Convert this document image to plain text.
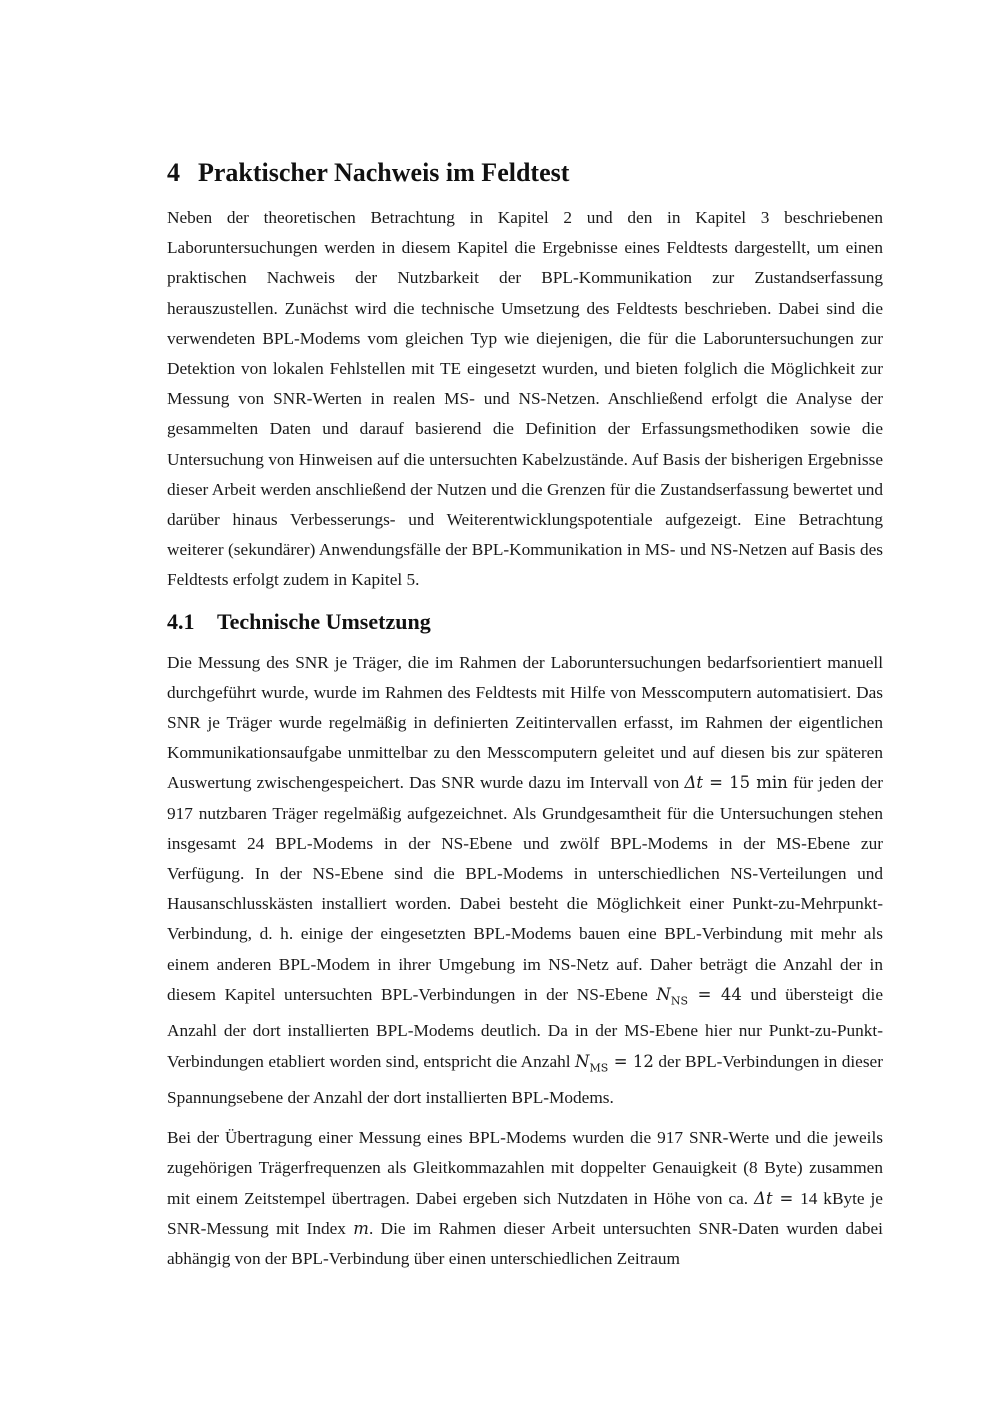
4 Praktischer Nachweis im Feldtest

Neben der theoretischen Betrachtung in Kapitel 2 und den in Kapitel 3 beschriebenen Laboruntersuchungen werden in diesem Kapitel die Ergebnisse eines Feldtests dargestellt, um einen praktischen Nachweis der Nutzbarkeit der BPL-Kommunikation zur Zustandserfassung herauszustellen. Zunächst wird die technische Umsetzung des Feldtests beschrieben. Dabei sind die verwendeten BPL-Modems vom gleichen Typ wie diejenigen, die für die Laboruntersuchungen zur Detektion von lokalen Fehlstellen mit TE eingesetzt wurden, und bieten folglich die Möglichkeit zur Messung von SNR-Werten in realen MS- und NS-Netzen. Anschließend erfolgt die Analyse der gesammelten Daten und darauf basierend die Definition der Erfassungsmethodiken sowie die Untersuchung von Hinweisen auf die untersuchten Kabelzustände. Auf Basis der bisherigen Ergebnisse dieser Arbeit werden anschließend der Nutzen und die Grenzen für die Zustandserfassung bewertet und darüber hinaus Verbesserungs- und Weiterentwicklungspotentiale aufgezeigt. Eine Betrachtung weiterer (sekundärer) Anwendungsfälle der BPL-Kommunikation in MS- und NS-Netzen auf Basis des Feldtests erfolgt zudem in Kapitel 5.

4.1 Technische Umsetzung

Die Messung des SNR je Träger, die im Rahmen der Laboruntersuchungen bedarfsorientiert manuell durchgeführt wurde, wurde im Rahmen des Feldtests mit Hilfe von Messcomputern automatisiert. Das SNR je Träger wurde regelmäßig in definierten Zeitintervallen erfasst, im Rahmen der eigentlichen Kommunikationsaufgabe unmittelbar zu den Messcomputern geleitet und auf diesen bis zur späteren Auswertung zwischengespeichert. Das SNR wurde dazu im Intervall von Δt = 15 min für jeden der 917 nutzbaren Träger regelmäßig aufgezeichnet. Als Grundgesamtheit für die Untersuchungen stehen insgesamt 24 BPL-Modems in der NS-Ebene und zwölf BPL-Modems in der MS-Ebene zur Verfügung. In der NS-Ebene sind die BPL-Modems in unterschiedlichen NS-Verteilungen und Hausanschlusskästen installiert worden. Dabei besteht die Möglichkeit einer Punkt-zu-Mehrpunkt-Verbindung, d. h. einige der eingesetzten BPL-Modems bauen eine BPL-Verbindung mit mehr als einem anderen BPL-Modem in ihrer Umgebung im NS-Netz auf. Daher beträgt die Anzahl der in diesem Kapitel untersuchten BPL-Verbindungen in der NS-Ebene $N_{NS} = 44$ und übersteigt die Anzahl der dort installierten BPL-Modems deutlich. Da in der MS-Ebene hier nur Punkt-zu-Punkt-Verbindungen etabliert worden sind, entspricht die Anzahl $N_{MS} = 12$ der BPL-Verbindungen in dieser Spannungsebene der Anzahl der dort installierten BPL-Modems.

Bei der Übertragung einer Messung eines BPL-Modems wurden die 917 SNR-Werte und die jeweils zugehörigen Trägerfrequenzen als Gleitkommazahlen mit doppelter Genauigkeit (8 Byte) zusammen mit einem Zeitstempel übertragen. Dabei ergeben sich Nutzdaten in Höhe von ca. Δt = 14 kByte je SNR-Messung mit Index m. Die im Rahmen dieser Arbeit untersuchten SNR-Daten wurden dabei abhängig von der BPL-Verbindung über einen unterschiedlichen Zeitraum
